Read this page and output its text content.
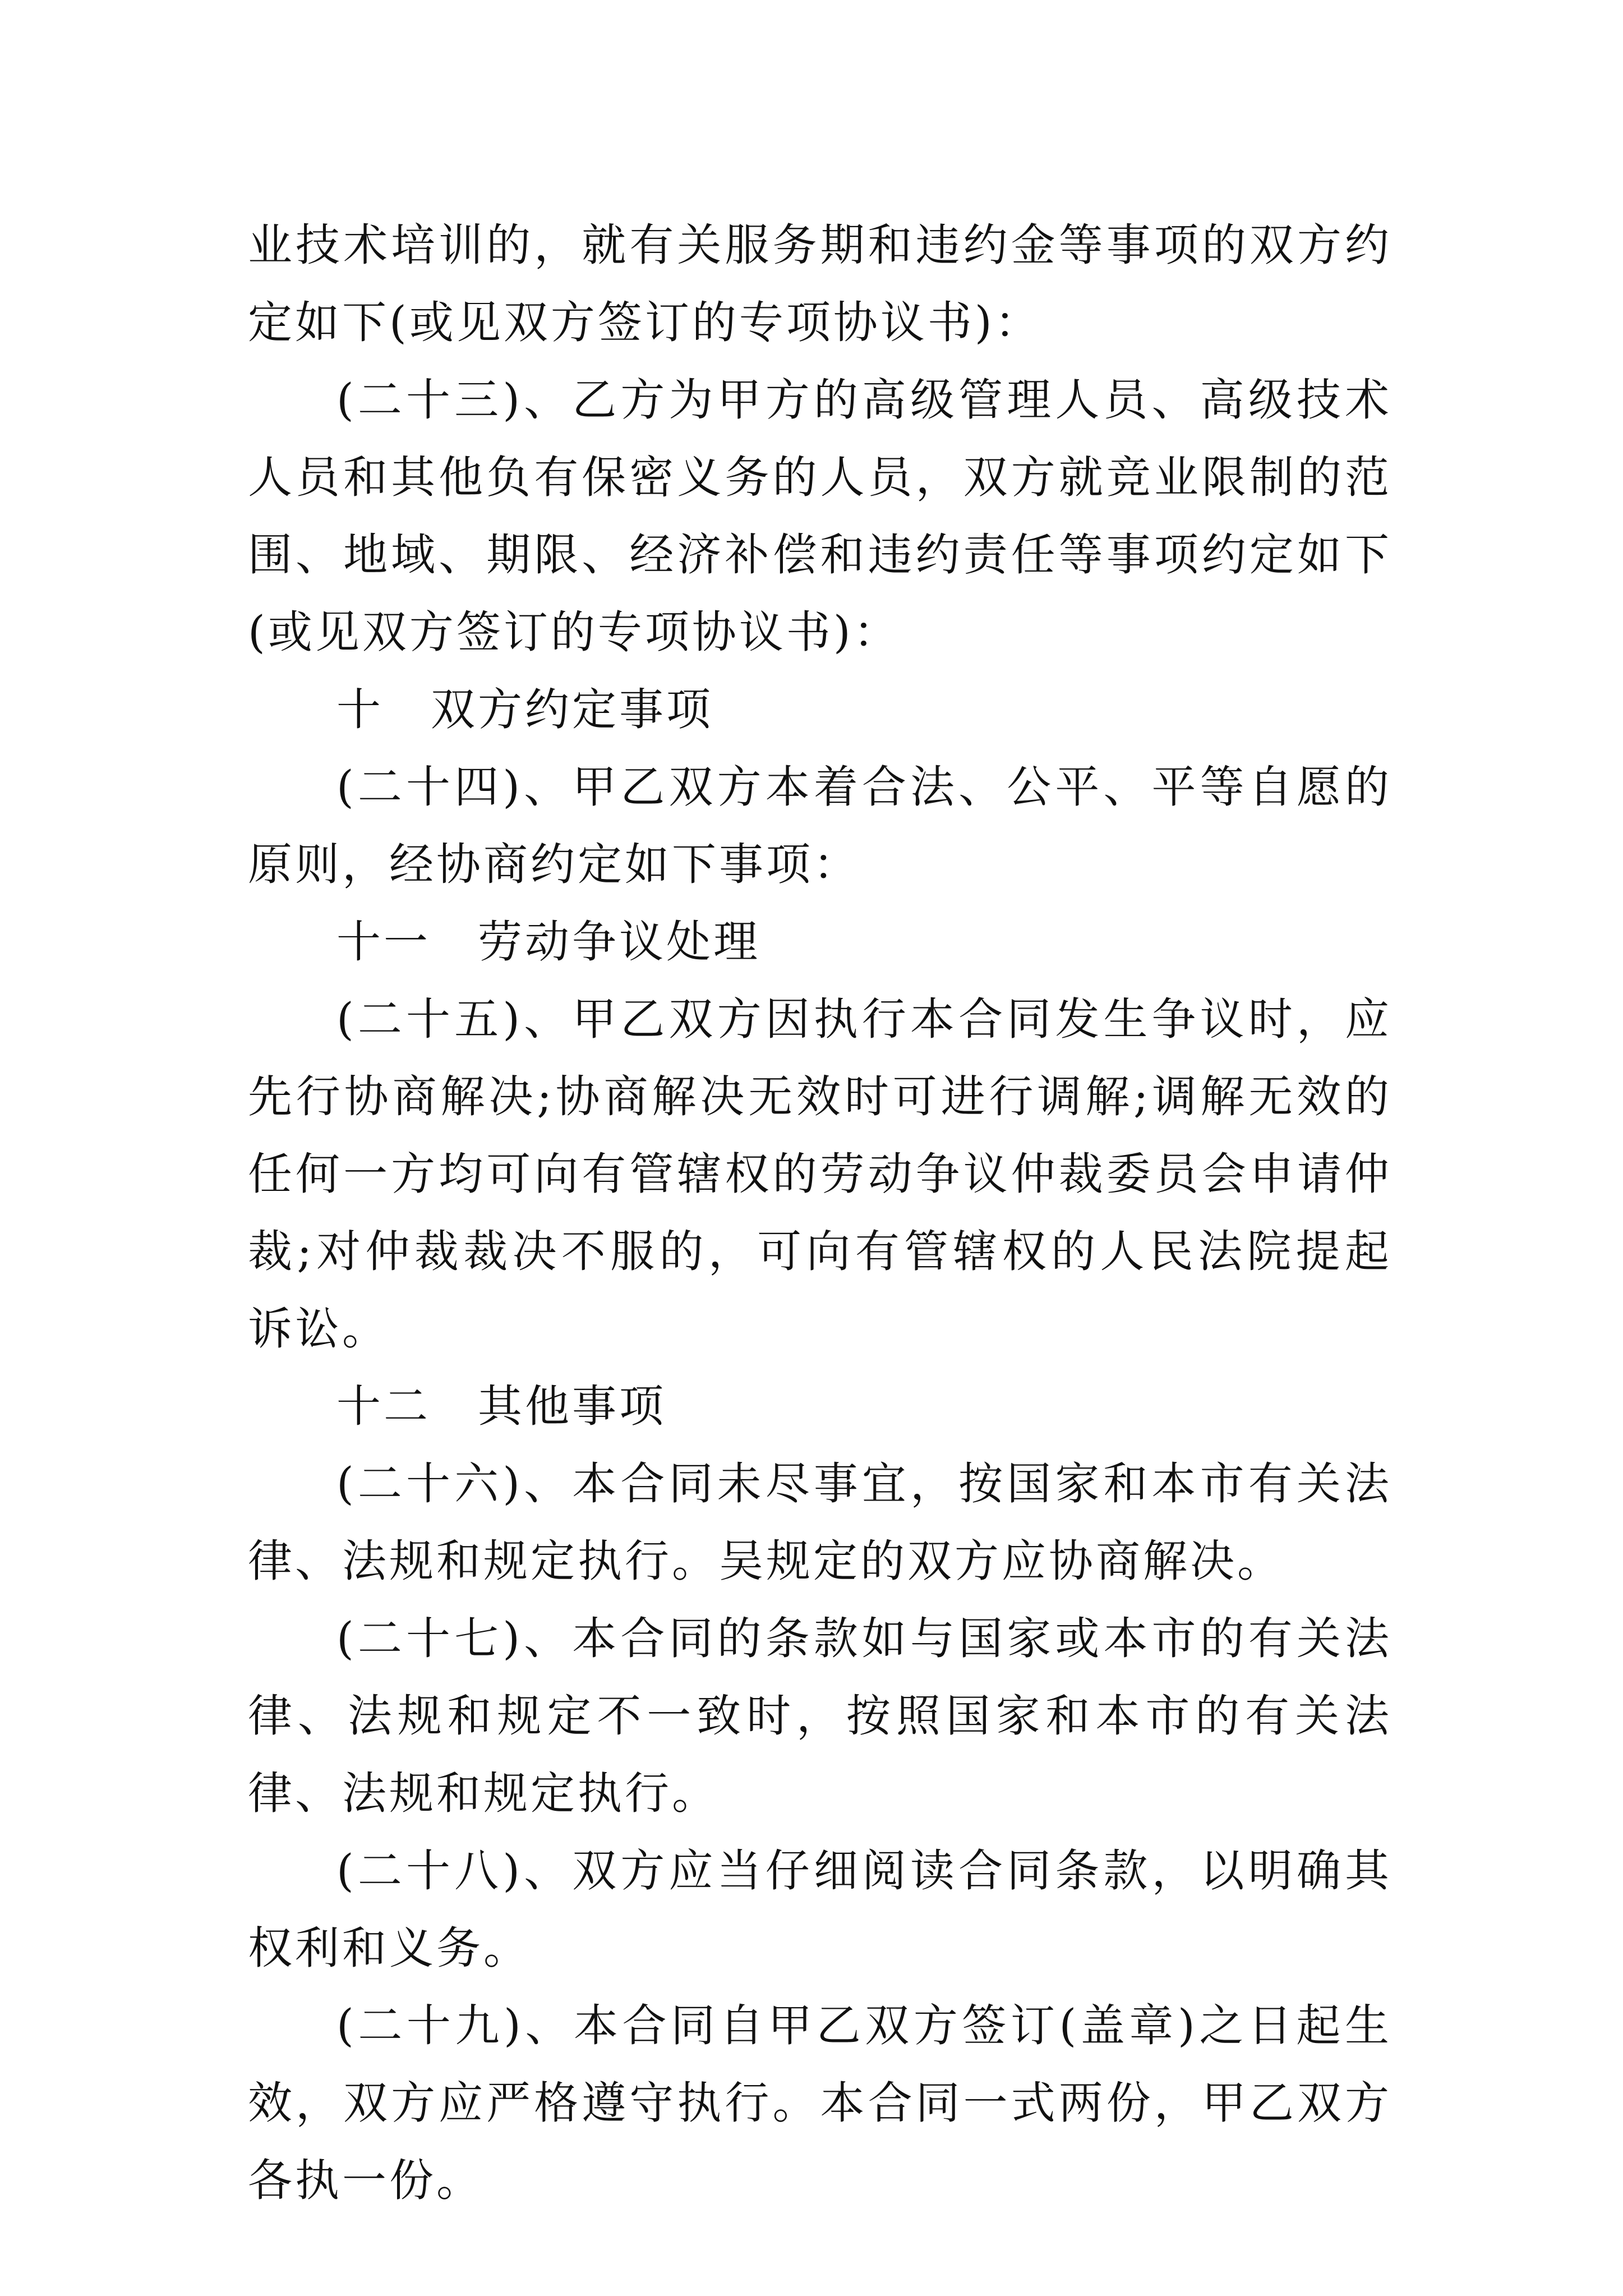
业技术培训的，就有关服务期和违约金等事项的双方约定如下(或见双方签订的专项协议书)：

(二十三)、乙方为甲方的高级管理人员、高级技术人员和其他负有保密义务的人员，双方就竞业限制的范围、地域、期限、经济补偿和违约责任等事项约定如下(或见双方签订的专项协议书)：

十　双方约定事项

(二十四)、甲乙双方本着合法、公平、平等自愿的原则，经协商约定如下事项：

十一　劳动争议处理

(二十五)、甲乙双方因执行本合同发生争议时，应先行协商解决;协商解决无效时可进行调解;调解无效的任何一方均可向有管辖权的劳动争议仲裁委员会申请仲裁;对仲裁裁决不服的，可向有管辖权的人民法院提起诉讼。

十二　其他事项

(二十六)、本合同未尽事宜，按国家和本市有关法律、法规和规定执行。吴规定的双方应协商解决。

(二十七)、本合同的条款如与国家或本市的有关法律、法规和规定不一致时，按照国家和本市的有关法律、法规和规定执行。

(二十八)、双方应当仔细阅读合同条款，以明确其权利和义务。

(二十九)、本合同自甲乙双方签订(盖章)之日起生效，双方应严格遵守执行。本合同一式两份，甲乙双方各执一份。
